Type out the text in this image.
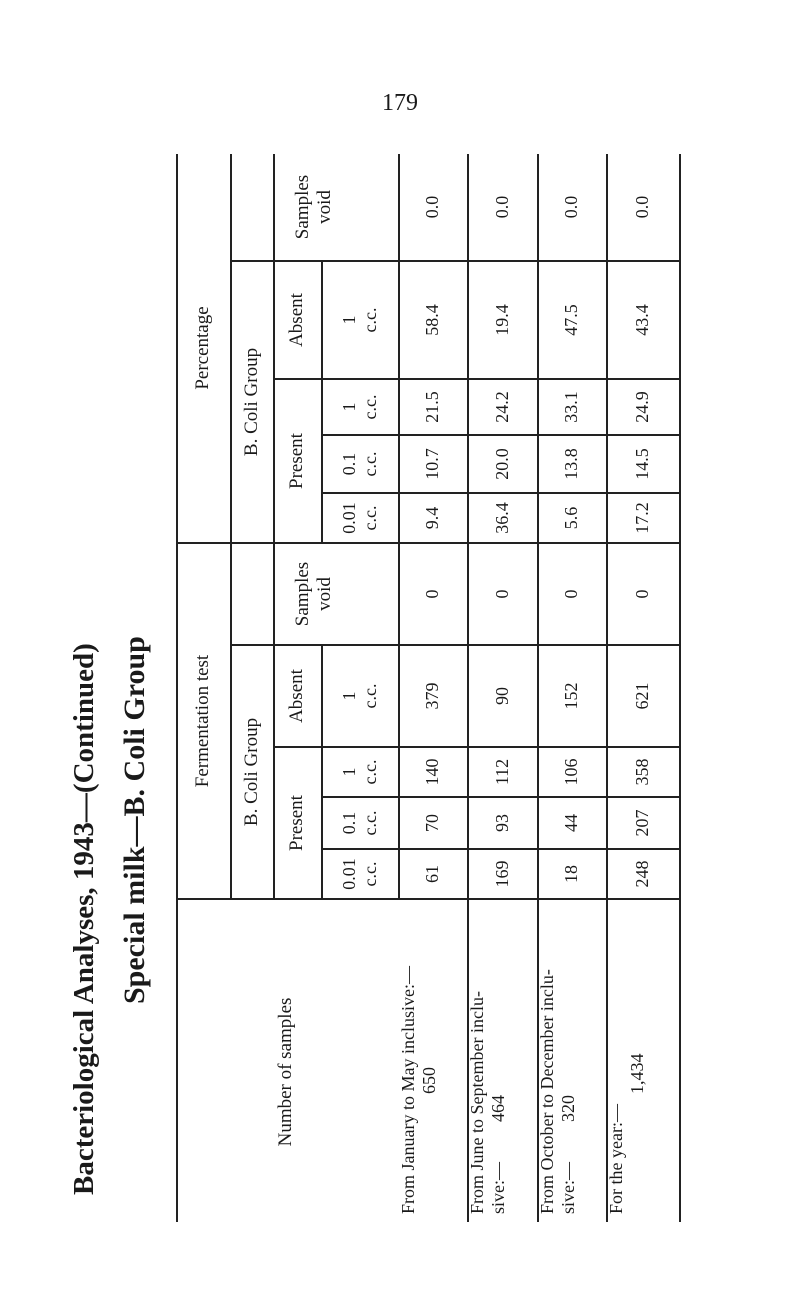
179
Bacteriological Analyses, 1943—(Continued) Special milk—B. Coli Group
Number of samples
Fermentation test
Percentage
B. Coli Group
B. Coli Group
Samples void
Samples void
Present
Present
Absent
Absent
0.01 c.c.
0.1 c.c.
1 c.c.
1 c.c.
0.01 c.c.
0.1 c.c.
1 c.c.
1 c.c.
From January to May inclusive:— 650
61
70
140
379
0
9.4
10.7
21.5
58.4
0.0
From June to September inclu- sive:—
464
169
93
112
90
0
36.4
20.0
24.2
19.4
0.0
From October to December inclu- sive:—
320
18
44
106
152
0
5.6
13.8
33.1
47.5
0.0
For the year:—
1,434
248
207
358
621
0
17.2
14.5
24.9
43.4
0.0
